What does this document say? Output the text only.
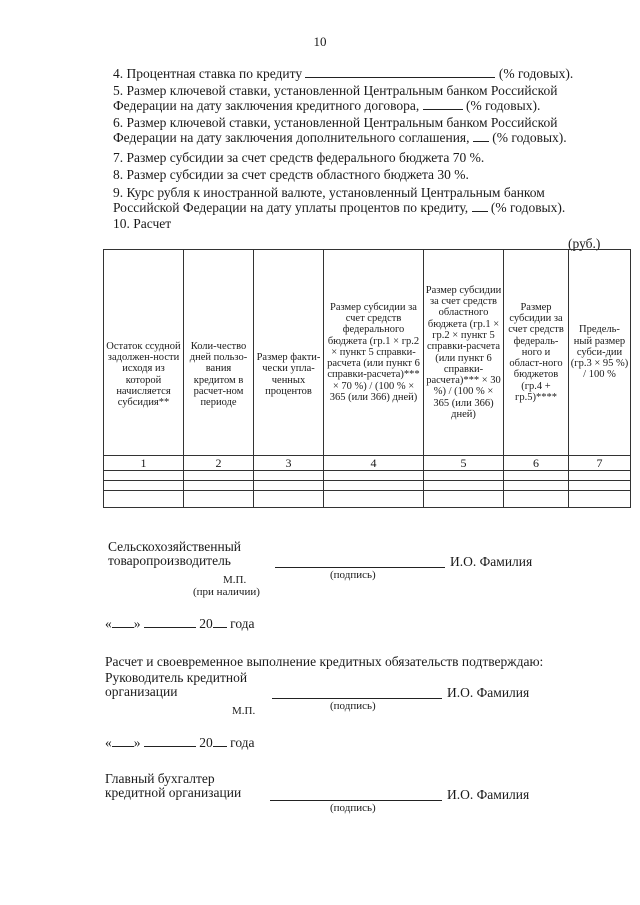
10
4. Процентная ставка по кредиту	(% годовых).
5. Размер ключевой ставки, установленной Центральным банком Российской
Федерации на дату заключения кредитного договора,	(% годовых).
6. Размер ключевой ставки, установленной Центральным банком Российской
Федерации на дату заключения дополнительного соглашения, (% годовых).
7. Размер субсидии за счет средств федерального бюджета 70 %.
8. Размер субсидии за счет средств областного бюджета 30 %.
9. Курс рубля к иностранной валюте, установленный Центральным банком
Российской Федерации на дату уплаты процентов по кредиту, (% годовых).
10. Расчет
(руб.)
Остаток ссудной задолжен-ности исходя из которой начисляется субсидия**	Коли-чество дней пользо-вания кредитом в расчет-ном периоде	Размер факти-чески упла-ченных процентов	Размер субсидии за счет средств федерального бюджета (гр.1 × гр.2 × пункт 5 справки-расчета (или пункт 6 справки-расчета)*** × 70 %) / (100 % × 365 (или 366) дней)	Размер субсидии за счет средств областного бюджета (гр.1 × гр.2 × пункт 5 справки-расчета (или пункт 6 справки-расчета)*** × 30 %) / (100 % × 365 (или 366) дней)	Размер субсидии за счет средств федераль-ного и област-ного бюджетов (гр.4 + гр.5)****	Предель-ный размер субси-дии (гр.3 × 95 %) / 100 %
1	2	3	4	5	6	7

Сельскохозяйственный
товаропроизводитель	И.О. Фамилия
(подпись)
М.П.
(при наличии)
« »	20 года
Расчет и своевременное выполнение кредитных обязательств подтверждаю:
Руководитель кредитной
организации	И.О. Фамилия
(подпись)
М.П.
« »	20 года
Главный бухгалтер
кредитной организации	И.О. Фамилия
(подпись)
